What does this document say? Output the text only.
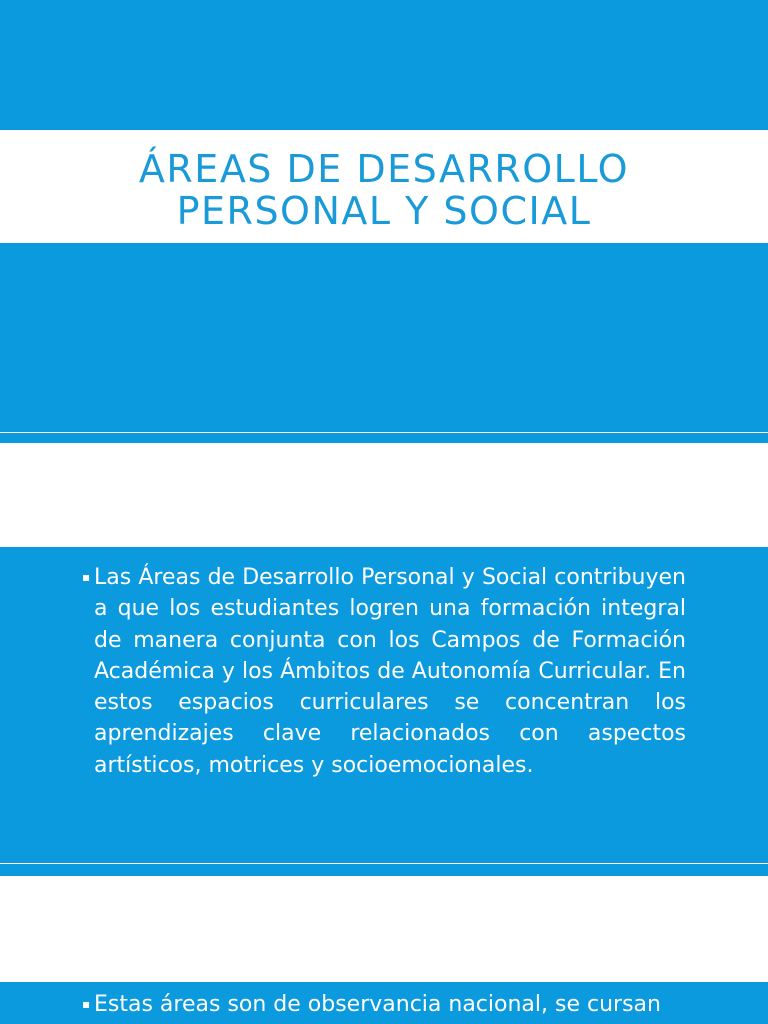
ÁREAS DE DESARROLLO
PERSONAL Y SOCIAL
▪ Las Áreas de Desarrollo Personal y Social contribuyen a que los estudiantes logren una formación integral de manera conjunta con los Campos de Formación Académica y los Ámbitos de Autonomía Curricular. En estos espacios curriculares se concentran los aprendizajes clave relacionados con aspectos artísticos, motrices y socioemocionales.
▪ Estas áreas son de observancia nacional, se cursan
